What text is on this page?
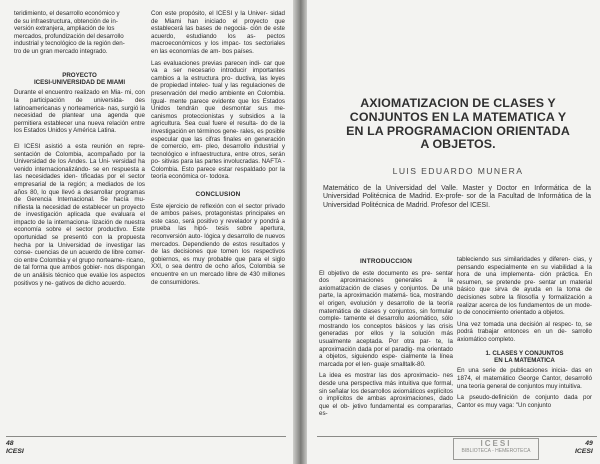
teridimiento, el desarrollo económico y
de su infraestructura, obtención de in-
versión extranjera, ampliación de los
mercados, profundización del desarrollo
industrial y tecnológico de la región den-
tro de un gran mercado integrado.

PROYECTO
ICESI-UNIVERSIDAD DE MIAMI

Durante el encuentro realizado en Mia- mi, con la participación de universida- des latinoamericanas y norteamerica- nas, surgió la necesidad de plantear una agenda que permitiera establecer una nueva relación entre los Estados Unidos y América Latina.

El ICESI asistió a esta reunión en repre- sentación de Colombia, acompañado por la Universidad de los Andes. La Uni- versidad ha venido internacionalizándo- se en respuesta a las necesidades iden- tificadas por el sector empresarial de la región; a mediados de los años 80, lo que llevó a desarrollar programas de Gerencia Internacional. Se hacía mu- nifiesta la necesidad de establecer un proyecto de investigación aplicada que evaluara el impacto de la internaciona- lización de nuestra economía sobre el sector productivo. Este oportunidad se presentó con la propuesta hecha por la Universidad de investigar las conse- cuencias de un acuerdo de libre comer- cio entre Colombia y el grupo norteame- ricano, de tal forma que ambos gobier- nos dispongan de un análisis técnico que evalúe los aspectos positivos y ne- gativos de dicho acuerdo.

Con este propósito, el ICESI y la Univer- sidad de Miami han iniciado el proyecto que establecerá las bases de negocia- ción de este acuerdo, estudiando los as- pectos macroeconómicos y los impac- tos sectoriales en las economías de am- bos países.

Las evaluaciones previas parecen indi- car que va a ser necesario introducir importantes cambios a la estructura pro- ductiva, las leyes de propiedad intelec- tual y las regulaciones de preservación del medio ambiente en Colombia. Igual- mente parece evidente que los Estados Unidos tendrán que desmontar sus me- canismos proteccionistas y subsidios a la agricultura. Sea cual fuere el resulta- do de la investigación en términos gene- rales, es posible especular que las cifras finales en generación de comercio, em- pleo, desarrollo industrial y tecnológico e infraestructura, entre otros, serán po- sitivas para las partes involucradas. NAFTA - Colombia. Esto parece estar respaldado por la teoría económica or- todoxa.

CONCLUSION

Este ejercicio de reflexión con el sector privado de ambos países, protagonistas principales en este caso, será positivo y revelador y pondrá a prueba las hipó- tesis sobre apertura, reconversión auto- lógica y desarrollo de nuevos mercados. Dependiendo de estos resultados y de las decisiones que tomen los respectivos gobiernos, es muy probable que para el siglo XXI, o sea dentro de ocho años, Colombia se encuentre en un mercado libre de 430 millones de consumidores.

48
ICESI
AXIOMATIZACION DE CLASES Y
CONJUNTOS EN LA MATEMATICA Y
EN LA PROGRAMACION ORIENTADA
A OBJETOS.
LUIS EDUARDO MUNERA
Matemático de la Universidad del Valle. Master y Doctor en Informática de la Universidad Politécnica de Madrid. Ex-profe- sor de la Facultad de Informática de la Universidad Politécnica de Madrid. Profesor del ICESI.
INTRODUCCION

El objetivo de este documento es pre- sentar dos aproximaciones generales a la axiomatización de clases y conjuntos. De una parte, la aproximación matemá- tica, mostrando el origen, evolución y desarrollo de la teoría matemática de clases y conjuntos, sin formular comple- tamente el desarrollo axiomático, sólo mostrando los conceptos básicos y las crisis generadas por ellos y la solución más usualmente aceptada. Por otra par- te, la aproximación dada por el paradig- ma orientado a objetos, siguiendo espe- cialmente la línea marcada por el len- guaje smalltalk-80.

La idea es mostrar las dos aproximacio- nes desde una perspectiva más intuitiva que formal, sin señalar los desarrollos axiomáticos explícitos o implícitos de ambas aproximaciones, dado que el ob- jetivo fundamental es compararlas, es-

tableciendo sus similaridades y diferen- cias, y pensando especialmente en su viabilidad a la hora de una implementa- ción práctica. En resumen, se pretende pre- sentar un material básico que sirva de ayuda en la toma de decisiones sobre la filosofía y formalización a realizar acerca de los fundamentos de un mode- lo de conocimiento orientado a objetos.

Una vez tomada una decisión al respec- to, se podrá trabajar entonces en un de- sarrollo axiomático completo.

1. CLASES Y CONJUNTOS
EN LA MATEMATICA

En una serie de publicaciones inicia- das en 1874, el matemático George Cantor, desarrolló una teoría general de conjuntos muy intuitiva.

La pseudo-definición de conjunto dada por Cantor es muy vaga: "Un conjunto

ICESI
BIBLIOTECA - HEMEROTECA
49
ICESI
